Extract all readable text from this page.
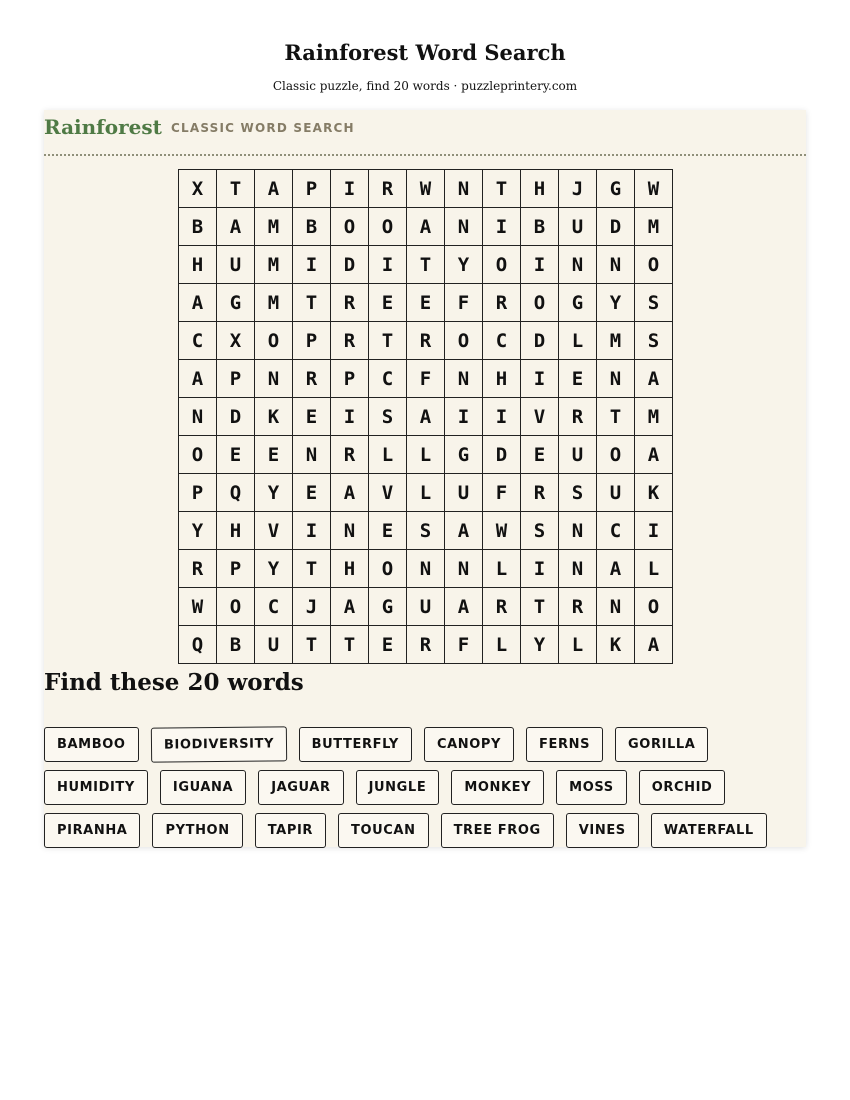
Rainforest Word Search
Classic puzzle, find 20 words · puzzleprintery.com
Rainforest CLASSIC WORD SEARCH
X	T	A	P	I	R	W	N	T	H	J	G	W
B	A	M	B	O	O	A	N	I	B	U	D	M
H	U	M	I	D	I	T	Y	O	I	N	N	O
A	G	M	T	R	E	E	F	R	O	G	Y	S
C	X	O	P	R	T	R	O	C	D	L	M	S
A	P	N	R	P	C	F	N	H	I	E	N	A
N	D	K	E	I	S	A	I	I	V	R	T	M
O	E	E	N	R	L	L	G	D	E	U	O	A
P	Q	Y	E	A	V	L	U	F	R	S	U	K
Y	H	V	I	N	E	S	A	W	S	N	C	I
R	P	Y	T	H	O	N	N	L	I	N	A	L
W	O	C	J	A	G	U	A	R	T	R	N	O
Q	B	U	T	T	E	R	F	L	Y	L	K	A
Find these 20 words
BAMBOO	BIODIVERSITY	BUTTERFLY	CANOPY	FERNS	GORILLA
HUMIDITY	IGUANA	JAGUAR	JUNGLE	MONKEY	MOSS	ORCHID
PIRANHA	PYTHON	TAPIR	TOUCAN	TREE FROG	VINES	WATERFALL
